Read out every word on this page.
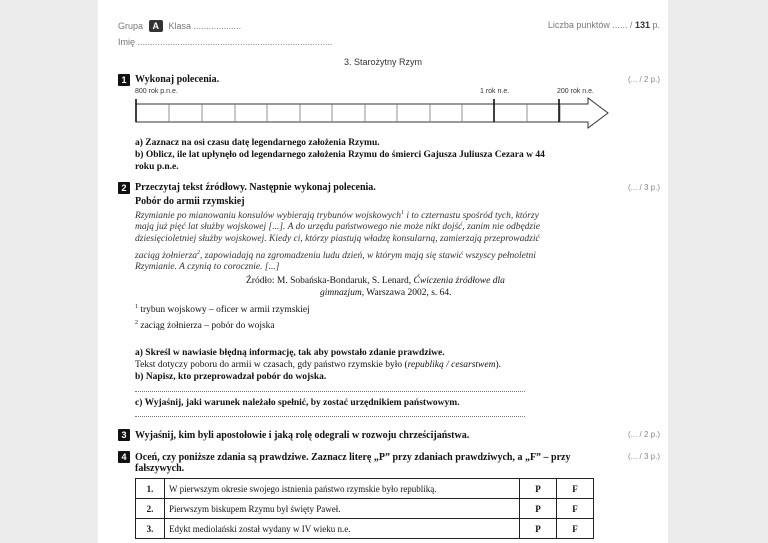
Grupa A Klasa ...................	Liczba punktów ...... / 131 p.
Imię ..............................................................................
3. Starożytny Rzym
1 Wykonaj polecenia.	(... / 2 p.)
800 rok p.n.e.	1 rok n.e.	200 rok n.e.
a) Zaznacz na osi czasu datę legendarnego założenia Rzymu.
b) Oblicz, ile lat upłynęło od legendarnego założenia Rzymu do śmierci Gajusza Juliusza Cezara w 44
roku p.n.e.
2 Przeczytaj tekst źródłowy. Następnie wykonaj polecenia.	(... / 3 p.)
Pobór do armii rzymskiej
Rzymianie po mianowaniu konsulów wybierają trybunów wojskowych$^1$ i to czternastu spośród tych, którzy
mają już pięć lat służby wojskowej [...]. A do urzędu państwowego nie może nikt dojść, zanim nie odbędzie
dziesięcioletniej służby wojskowej. Kiedy ci, którzy piastują władzę konsularną, zamierzają przeprowadzić
zaciąg żołnierza$^2$, zapowiadają na zgromadzeniu ludu dzień, w którym mają się stawić wszyscy pełnoletni
Rzymianie. A czynią to corocznie. [...]
Źródło: M. Sobańska-Bondaruk, S. Lenard, Ćwiczenia źródłowe dla
gimnazjum, Warszawa 2002, s. 64.
$^1$ trybun wojskowy – oficer w armii rzymskiej
$^2$ zaciąg żołnierza – pobór do wojska
a) Skreśl w nawiasie błędną informację, tak aby powstało zdanie prawdziwe.
Tekst dotyczy poboru do armii w czasach, gdy państwo rzymskie było (republiką / cesarstwem).
b) Napisz, kto przeprowadzał pobór do wojska.
c) Wyjaśnij, jaki warunek należało spełnić, by zostać urzędnikiem państwowym.
3 Wyjaśnij, kim byli apostołowie i jaką rolę odegrali w rozwoju chrześcijaństwa.	(... / 2 p.)
4 Oceń, czy poniższe zdania są prawdziwe. Zaznacz literę „P” przy zdaniach prawdziwych, a „F” – przy
fałszywych.
(... / 3 p.)
1.	W pierwszym okresie swojego istnienia państwo rzymskie było republiką.	P	F
2.	Pierwszym biskupem Rzymu był święty Paweł.	P	F
3.	Edykt mediolański został wydany w IV wieku n.e.	P	F
